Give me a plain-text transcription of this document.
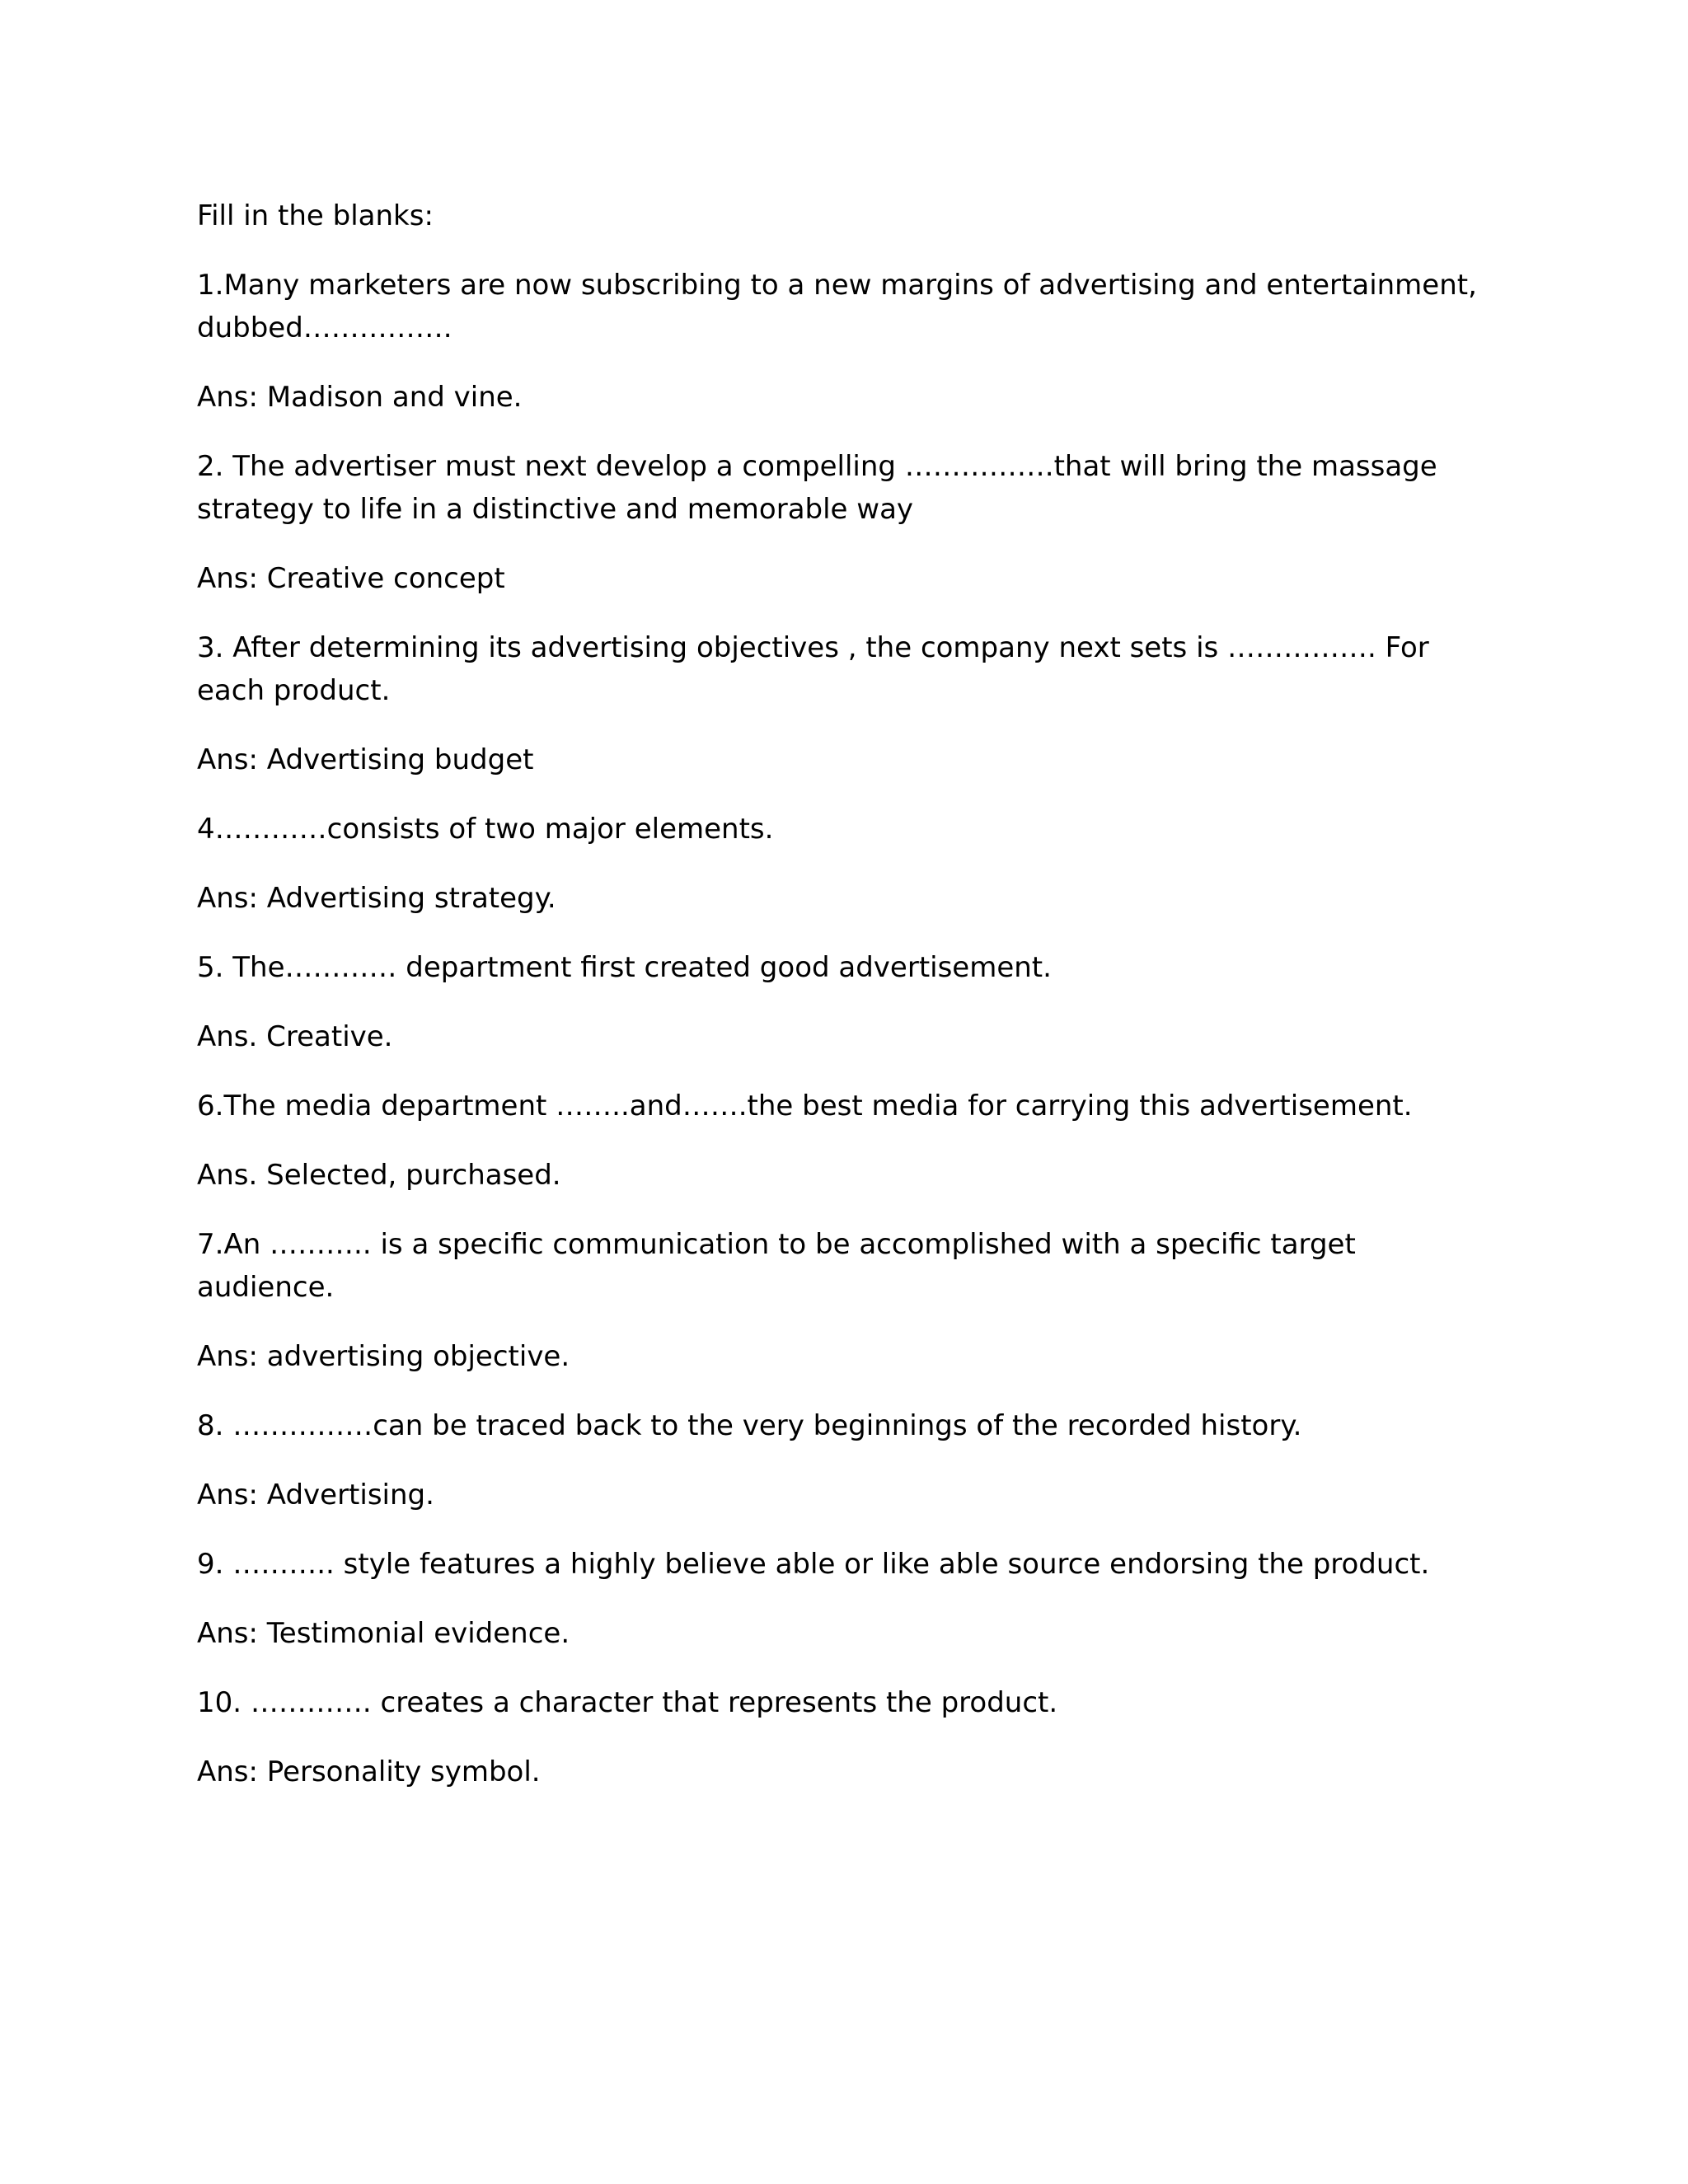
Fill in the blanks:
1.Many marketers are now subscribing to a new margins of advertising and entertainment, dubbed…………….
Ans: Madison and vine.
2. The advertiser must next develop a compelling …………….that will bring the massage strategy to life in a distinctive and memorable way
Ans: Creative concept
3. After determining its advertising objectives , the company next sets is ……………. For each product.
Ans: Advertising budget
4…………consists of two major elements.
Ans: Advertising strategy.
5. The………… department first created good advertisement.
Ans. Creative.
6.The media department ……..and…….the best media for carrying this advertisement.
Ans. Selected, purchased.
7.An ……….. is a specific communication to be accomplished with a specific target audience.
Ans: advertising objective.
8. ……………can be traced back to the very beginnings of the recorded history.
Ans: Advertising.
9. ……….. style features a highly believe able or like able source endorsing the product.
Ans: Testimonial evidence.
10. …………. creates a character that represents the product.
Ans: Personality symbol.
